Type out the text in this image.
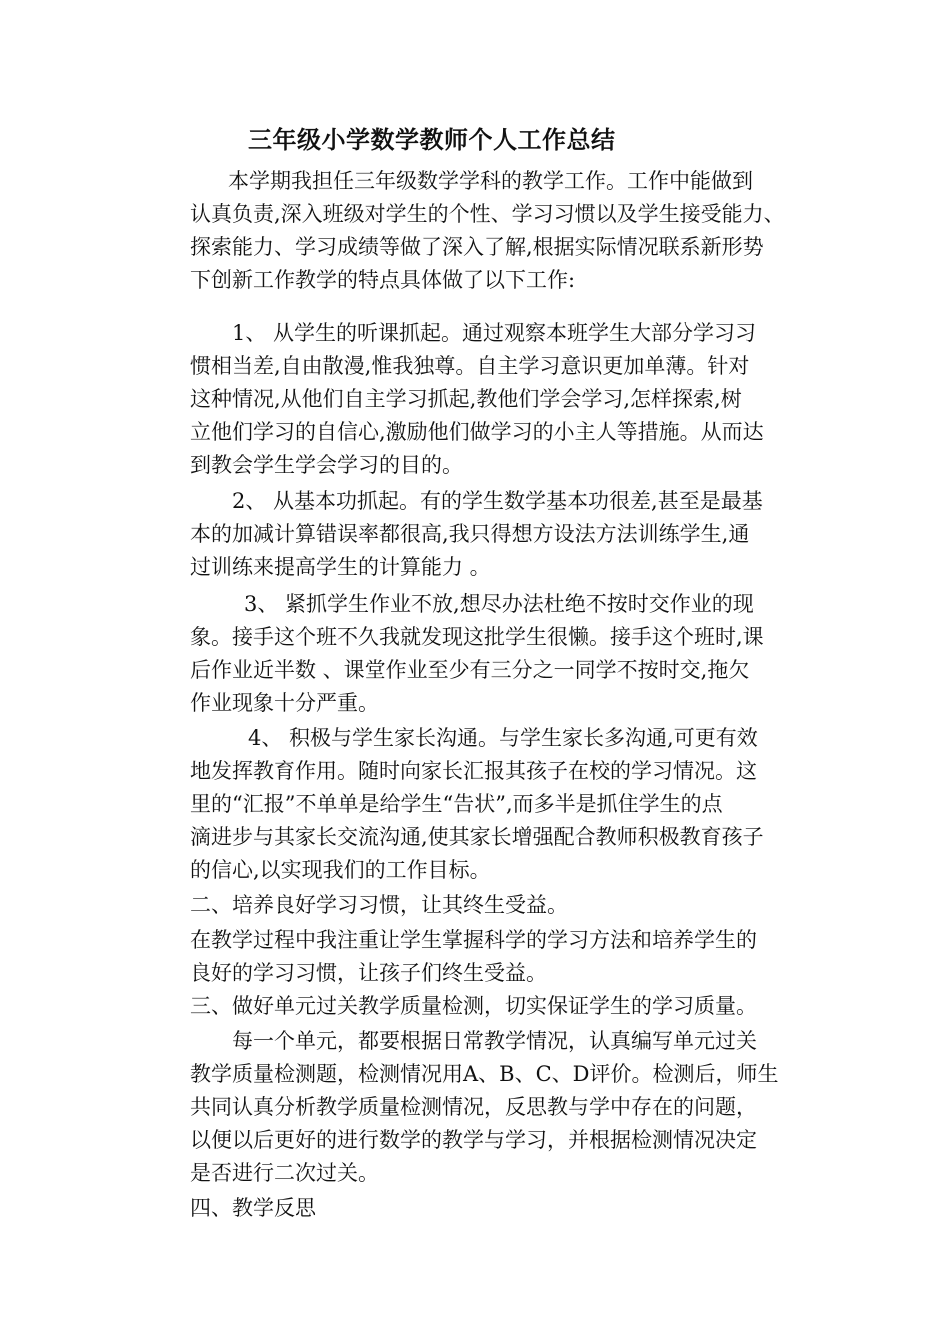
三年级小学数学教师个人工作总结
本学期我担任三年级数学学科的教学工作。工作中能做到
认真负责,深入班级对学生的个性、学习习惯以及学生接受能力、
探索能力、学习成绩等做了深入了解,根据实际情况联系新形势
下创新工作教学的特点具体做了以下工作:
1、 从学生的听课抓起。通过观察本班学生大部分学习习
惯相当差,自由散漫,惟我独尊。自主学习意识更加单薄。针对
这种情况,从他们自主学习抓起,教他们学会学习,怎样探索,树
立他们学习的自信心,激励他们做学习的小主人等措施。从而达
到教会学生学会学习的目的。
2、 从基本功抓起。有的学生数学基本功很差,甚至是最基
本的加减计算错误率都很高,我只得想方设法方法训练学生,通
过训练来提高学生的计算能力 。
3、 紧抓学生作业不放,想尽办法杜绝不按时交作业的现
象。接手这个班不久我就发现这批学生很懒。接手这个班时,课
后作业近半数 、课堂作业至少有三分之一同学不按时交,拖欠
作业现象十分严重。
4、 积极与学生家长沟通。与学生家长多沟通,可更有效
地发挥教育作用。随时向家长汇报其孩子在校的学习情况。这
里的“汇报”不单单是给学生“告状”,而多半是抓住学生的点
滴进步与其家长交流沟通,使其家长增强配合教师积极教育孩子
的信心,以实现我们的工作目标。
二、培养良好学习习惯，让其终生受益。
在教学过程中我注重让学生掌握科学的学习方法和培养学生的
良好的学习习惯，让孩子们终生受益。
三、做好单元过关教学质量检测，切实保证学生的学习质量。
每一个单元，都要根据日常教学情况，认真编写单元过关
教学质量检测题，检测情况用A、B、C、D评价。检测后，师生
共同认真分析教学质量检测情况，反思教与学中存在的问题，
以便以后更好的进行数学的教学与学习，并根据检测情况决定
是否进行二次过关。
四、教学反思
